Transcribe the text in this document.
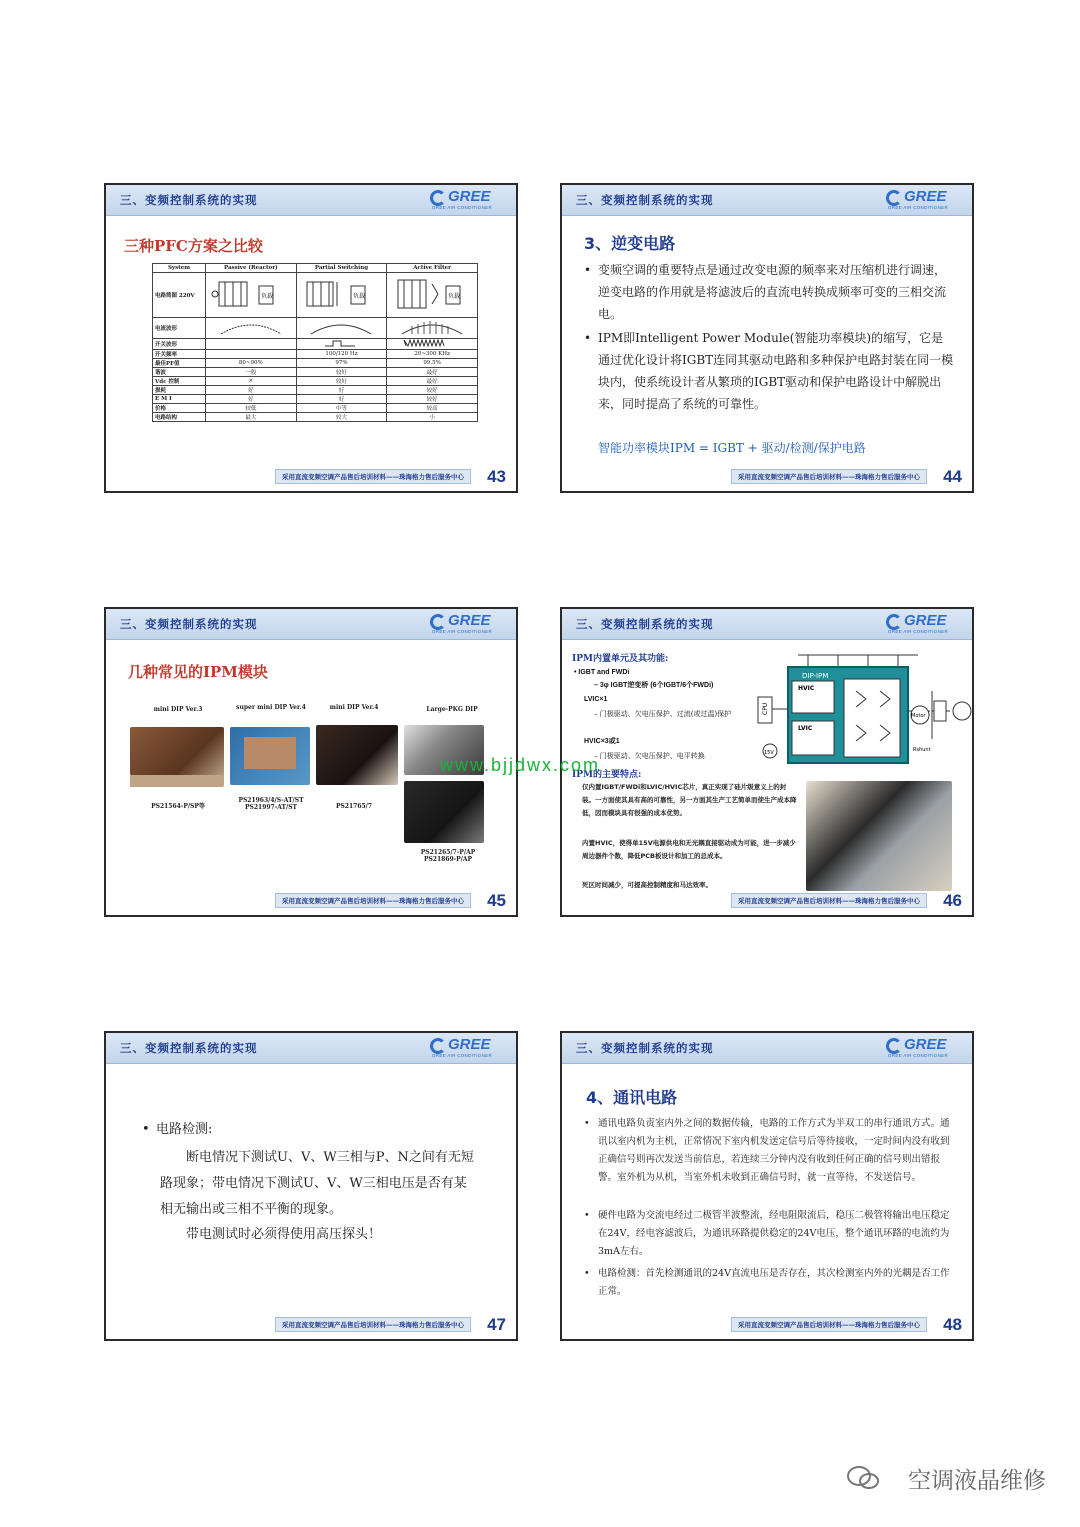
三、变频控制系统的实现	GREE
GREE AIR CONDITIONER
三种PFC方案之比较
System	Passive (Reactor)	Partial Switching	Active Filter
电路简图 220V	负载	负载	负载

电流波形			
开关波形			
开关频率		100/120 Hz	20~300 KHz
最佳PF值	80~90%	97%	99.5%
谐波	一般	较好	最好
Vdc 控制	×	较好	最好
损耗	好	好	较好
E M I	好	好	较好
价格	较低	中等	较高
电路结构	最大	较大	小
采用直流变频空调产品售后培训材料——珠海格力售后服务中心	43
三、变频控制系统的实现	GREE
GREE AIR CONDITIONER
3、逆变电路
• 变频空调的重要特点是通过改变电源的频率来对压缩机进行调速，逆变电路的作用就是将滤波后的直流电转换成频率可变的三相交流电。
• IPM即Intelligent Power Module(智能功率模块)的缩写，它是通过优化设计将IGBT连同其驱动电路和多种保护电路封装在同一模块内，使系统设计者从繁琐的IGBT驱动和保护电路设计中解脱出来，同时提高了系统的可靠性。
智能功率模块IPM = IGBT + 驱动/检测/保护电路
采用直流变频空调产品售后培训材料——珠海格力售后服务中心	44
三、变频控制系统的实现	GREE
GREE AIR CONDITIONER
几种常见的IPM模块
mini DIP Ver.3	super mini DIP Ver.4	mini DIP Ver.4	Large-PKG DIP
PS21564-P/SP等
PS21963/4/S-AT/ST
PS21997-AT/ST	PS21765/7
PS21265/7-P/AP
PS21869-P/AP
采用直流变频空调产品售后培训材料——珠海格力售后服务中心	45
三、变频控制系统的实现	GREE
GREE AIR CONDITIONER
IPM内置单元及其功能:
• IGBT and FWDi
– 3φ IGBT逆变桥 (6个IGBT/6个FWDi)
LVIC×1
– 门极驱动、欠电压保护、过流(或过温)保护
HVIC×3或1
– 门极驱动、欠电压保护、电平转换
DIP-IPM
HVIC
LVIC
CPU
15V
Motor
Rshunt
IPM的主要特点:
仅内置IGBT/FWDi和LVIC/HVIC芯片，真正实现了硅片级意义上的封装。一方面使其具有高的可靠性，另一方面其生产工艺简单而使生产成本降低，因而模块具有很强的成本优势。
内置HVIC，使得单15V电源供电和无光耦直接驱动成为可能，进一步减少周边器件个数，降低PCB板设计和加工的总成本。
死区时间减少，可提高控制精度和马达效率。
采用直流变频空调产品售后培训材料——珠海格力售后服务中心	46
三、变频控制系统的实现	GREE
GREE AIR CONDITIONER
• 电路检测:
断电情况下测试U、V、W三相与P、N之间有无短路现象；带电情况下测试U、V、W三相电压是否有某相无输出或三相不平衡的现象。
带电测试时必须得使用高压探头！
采用直流变频空调产品售后培训材料——珠海格力售后服务中心	47
三、变频控制系统的实现	GREE
GREE AIR CONDITIONER
4、通讯电路
• 通讯电路负责室内外之间的数据传输，电路的工作方式为半双工的串行通讯方式。通讯以室内机为主机，正常情况下室内机发送定信号后等待接收，一定时间内没有收到正确信号则再次发送当前信息，若连续三分钟内没有收到任何正确的信号则出错报警。室外机为从机，当室外机未收到正确信号时，就一直等待，不发送信号。
• 硬件电路为交流电经过二极管半波整流，经电阻限流后，稳压二极管将输出电压稳定在24V，经电容滤波后，为通讯环路提供稳定的24V电压，整个通讯环路的电流约为3mA左右。
• 电路检测：首先检测通讯的24V直流电压是否存在，其次检测室内外的光耦是否工作正常。
采用直流变频空调产品售后培训材料——珠海格力售后服务中心	48
www.bjjdwx.com
空调液晶维修
